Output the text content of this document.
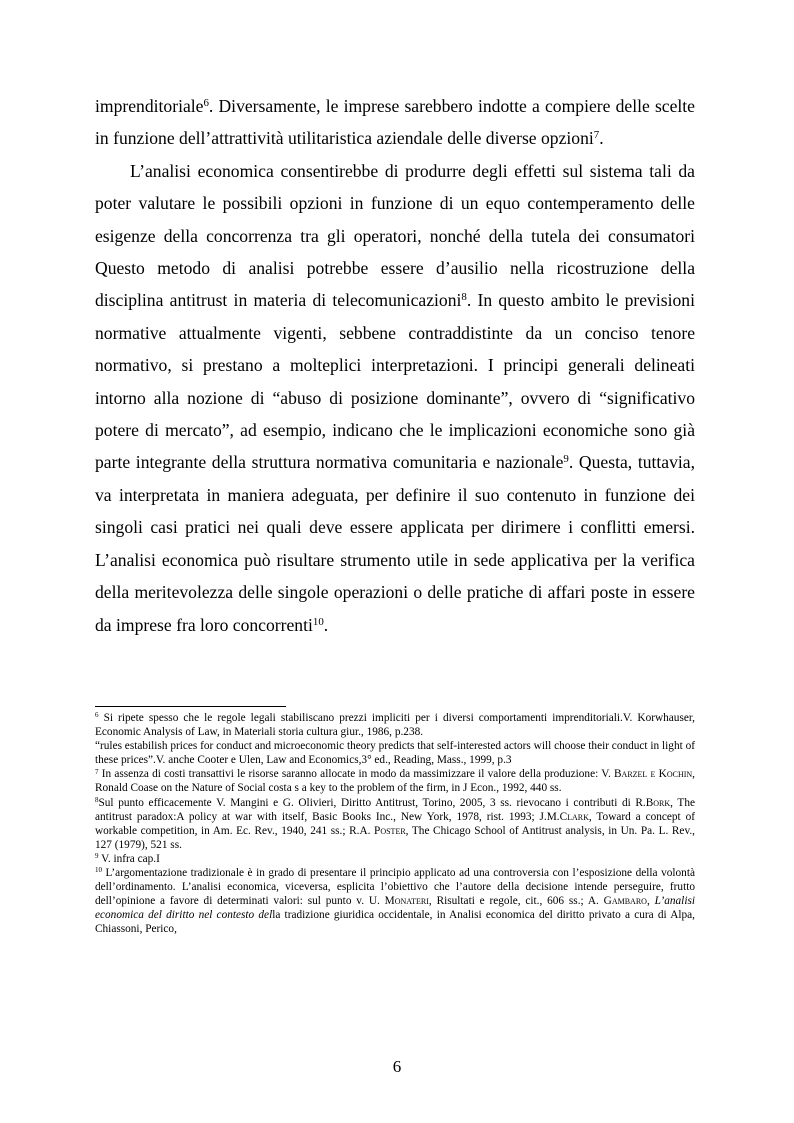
imprenditoriale$^6$. Diversamente, le imprese sarebbero indotte a compiere delle scelte in funzione dell’attrattività utilitaristica aziendale delle diverse opzioni$^7$.

L’analisi economica consentirebbe di produrre degli effetti sul sistema tali da poter valutare le possibili opzioni in funzione di un equo contemperamento delle esigenze della concorrenza tra gli operatori, nonché della tutela dei consumatori Questo metodo di analisi potrebbe essere d’ausilio nella ricostruzione della disciplina antitrust in materia di telecomunicazioni$^8$. In questo ambito le previsioni normative attualmente vigenti, sebbene contraddistinte da un conciso tenore normativo, si prestano a molteplici interpretazioni. I principi generali delineati intorno alla nozione di “abuso di posizione dominante”, ovvero di “significativo potere di mercato”, ad esempio, indicano che le implicazioni economiche sono già parte integrante della struttura normativa comunitaria e nazionale$^9$. Questa, tuttavia, va interpretata in maniera adeguata, per definire il suo contenuto in funzione dei singoli casi pratici nei quali deve essere applicata per dirimere i conflitti emersi. L’analisi economica può risultare strumento utile in sede applicativa per la verifica della meritevolezza delle singole operazioni o delle pratiche di affari poste in essere da imprese fra loro concorrenti$^{10}$.

$^6$ Si ripete spesso che le regole legali stabiliscano prezzi impliciti per i diversi comportamenti imprenditoriali.V. Korwhauser, Economic Analysis of Law, in Materiali storia cultura giur., 1986, p.238.

“rules estabilish prices for conduct and microeconomic theory predicts that self-interested actors will choose their conduct in light of these prices”.V. anche Cooter e Ulen, Law and Economics,3° ed., Reading, Mass., 1999, p.3

$^7$ In assenza di costi transattivi le risorse saranno allocate in modo da massimizzare il valore della produzione: V. Barzel e Kochin, Ronald Coase on the Nature of Social costa s a key to the problem of the firm, in J Econ., 1992, 440 ss.

$^8$Sul punto efficacemente V. Mangini e G. Olivieri, Diritto Antitrust, Torino, 2005, 3 ss. rievocano i contributi di R.Bork, The antitrust paradox:A policy at war with itself, Basic Books Inc., New York, 1978, rist. 1993; J.M.Clark, Toward a concept of workable competition, in Am. Ec. Rev., 1940, 241 ss.; R.A. Poster, The Chicago School of Antitrust analysis, in Un. Pa. L. Rev., 127 (1979), 521 ss.

$^9$ V. infra cap.I

$^{10}$ L’argomentazione tradizionale è in grado di presentare il principio applicato ad una controversia con l’esposizione della volontà dell’ordinamento. L’analisi economica, viceversa, esplicita l’obiettivo che l’autore della decisione intende perseguire, frutto dell’opinione a favore di determinati valori: sul punto v. U. Monateri, Risultati e regole, cit., 606 ss.; A. Gambaro, L’analisi economica del diritto nel contesto della tradizione giuridica occidentale, in Analisi economica del diritto privato a cura di Alpa, Chiassoni, Perico,

6
